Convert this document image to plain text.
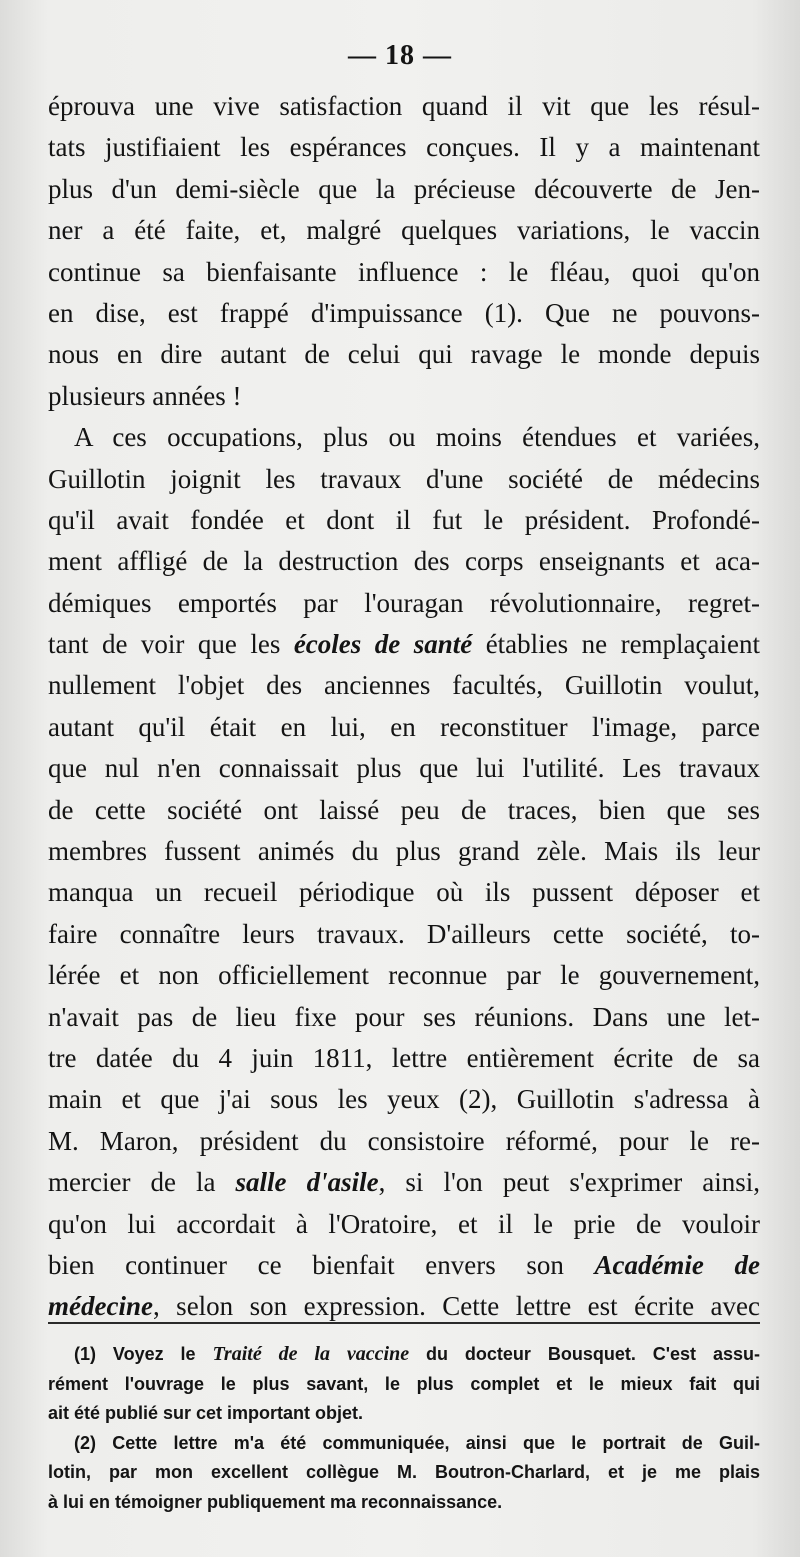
— 18 —
éprouva une vive satisfaction quand il vit que les résul-
tats justifiaient les espérances conçues. Il y a maintenant
plus d'un demi-siècle que la précieuse découverte de Jen-
ner a été faite, et, malgré quelques variations, le vaccin
continue sa bienfaisante influence : le fléau, quoi qu'on
en dise, est frappé d'impuissance (1). Que ne pouvons-
nous en dire autant de celui qui ravage le monde depuis
plusieurs années !
A ces occupations, plus ou moins étendues et variées,
Guillotin joignit les travaux d'une société de médecins
qu'il avait fondée et dont il fut le président. Profondé-
ment affligé de la destruction des corps enseignants et aca-
démiques emportés par l'ouragan révolutionnaire, regret-
tant de voir que les écoles de santé établies ne remplaçaient
nullement l'objet des anciennes facultés, Guillotin voulut,
autant qu'il était en lui, en reconstituer l'image, parce
que nul n'en connaissait plus que lui l'utilité. Les travaux
de cette société ont laissé peu de traces, bien que ses
membres fussent animés du plus grand zèle. Mais ils leur
manqua un recueil périodique où ils pussent déposer et
faire connaître leurs travaux. D'ailleurs cette société, to-
lérée et non officiellement reconnue par le gouvernement,
n'avait pas de lieu fixe pour ses réunions. Dans une let-
tre datée du 4 juin 1811, lettre entièrement écrite de sa
main et que j'ai sous les yeux (2), Guillotin s'adressa à
M. Maron, président du consistoire réformé, pour le re-
mercier de la salle d'asile, si l'on peut s'exprimer ainsi,
qu'on lui accordait à l'Oratoire, et il le prie de vouloir
bien continuer ce bienfait envers son Académie de
médecine, selon son expression. Cette lettre est écrite avec
(1) Voyez le Traité de la vaccine du docteur Bousquet. C'est assu-
rément l'ouvrage le plus savant, le plus complet et le mieux fait qui
ait été publié sur cet important objet.
(2) Cette lettre m'a été communiquée, ainsi que le portrait de Guil-
lotin, par mon excellent collègue M. Boutron-Charlard, et je me plais
à lui en témoigner publiquement ma reconnaissance.
